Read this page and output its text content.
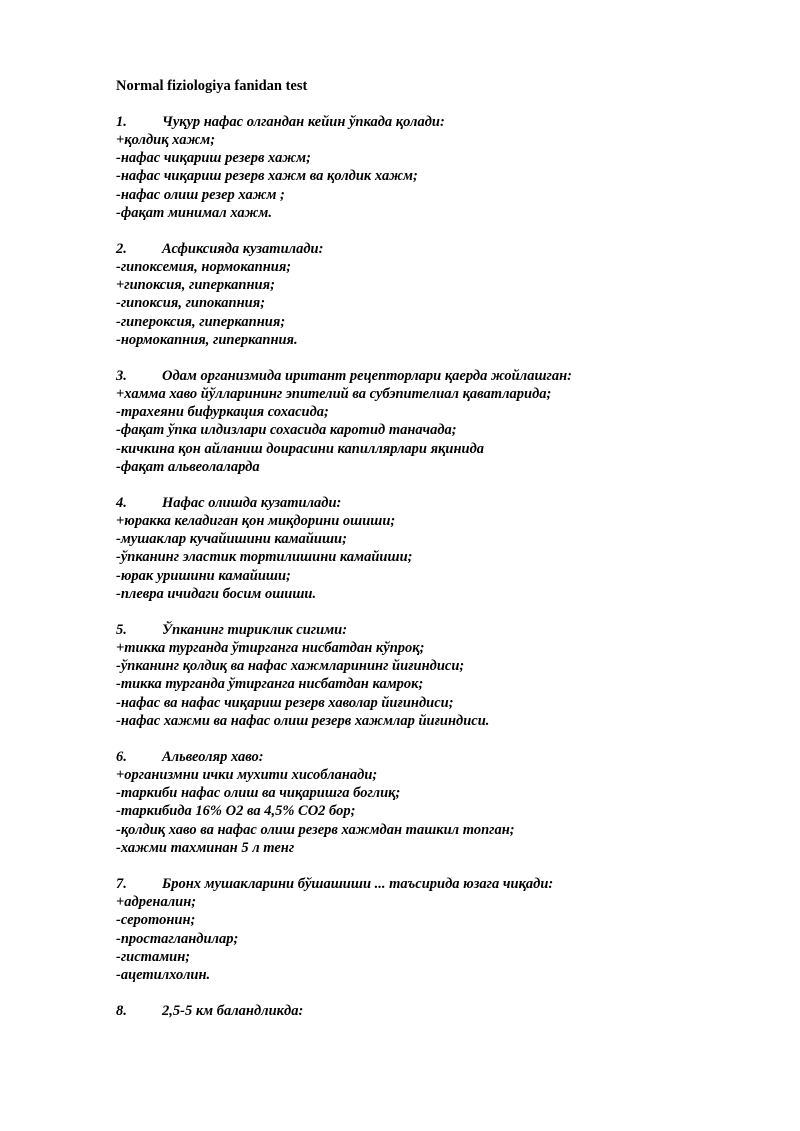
Normal fiziologiya fanidan test
1.	Чуқур нафас олгандан кейин ўпкада қолади:
+қолдиқ хажм;
-нафас чиқариш резерв хажм;
-нафас чиқариш резерв хажм ва қолдик хажм;
-нафас олиш резер хажм ;
-фақат минимал хажм.
2.	Асфиксияда кузатилади:
-гипоксемия, нормокапния;
+гипоксия, гиперкапния;
-гипоксия, гипокапния;
-гипероксия, гиперкапния;
-нормокапния, гиперкапния.
3.	Одам организмида иритант рецепторлари қаерда жойлашган:
+хамма хаво йўлларининг эпителий ва субэпителиал қаватларида;
-трахеяни бифуркация сохасида;
-фақат ўпка илдизлари сохасида каротид таначада;
-кичкина қон айланиш доирасини капиллярлари яқинида
-фақат альвеолаларда
4.	Нафас олишда кузатилади:
+юракка келадиган қон миқдорини ошиши;
-мушаклар кучайишини камайиши;
-ўпканинг эластик тортилишини камайиши;
-юрак уришини камайиши;
-плевра ичидаги босим ошиши.
5.	Ўпканинг тириклик сигими:
+тикка турганда ўтирганга нисбатдан кўпроқ;
-ўпканинг қолдиқ ва нафас хажмларининг йиғиндиси;
-тикка турганда ўтирганга нисбатдан камрок;
-нафас ва нафас чиқариш резерв хаволар йиғиндиси;
-нафас хажми ва нафас олиш резерв хажмлар йиғиндиси.
6.	Альвеоляр хаво:
+организмни ички мухити хисобланади;
-таркиби нафас олиш ва чиқаришга боглиқ;
-таркибида 16% О2 ва 4,5% СО2 бор;
-қолдиқ хаво ва нафас олиш резерв хажмдан ташкил топган;
-хажми тахминан 5 л тенг
7.	Бронх мушакларини бўшашиши ... таъсирида юзага чиқади:
+адреналин;
-серотонин;
-простагландилар;
-гистамин;
-ацетилхолин.
8.	2,5-5 км баландликда:
